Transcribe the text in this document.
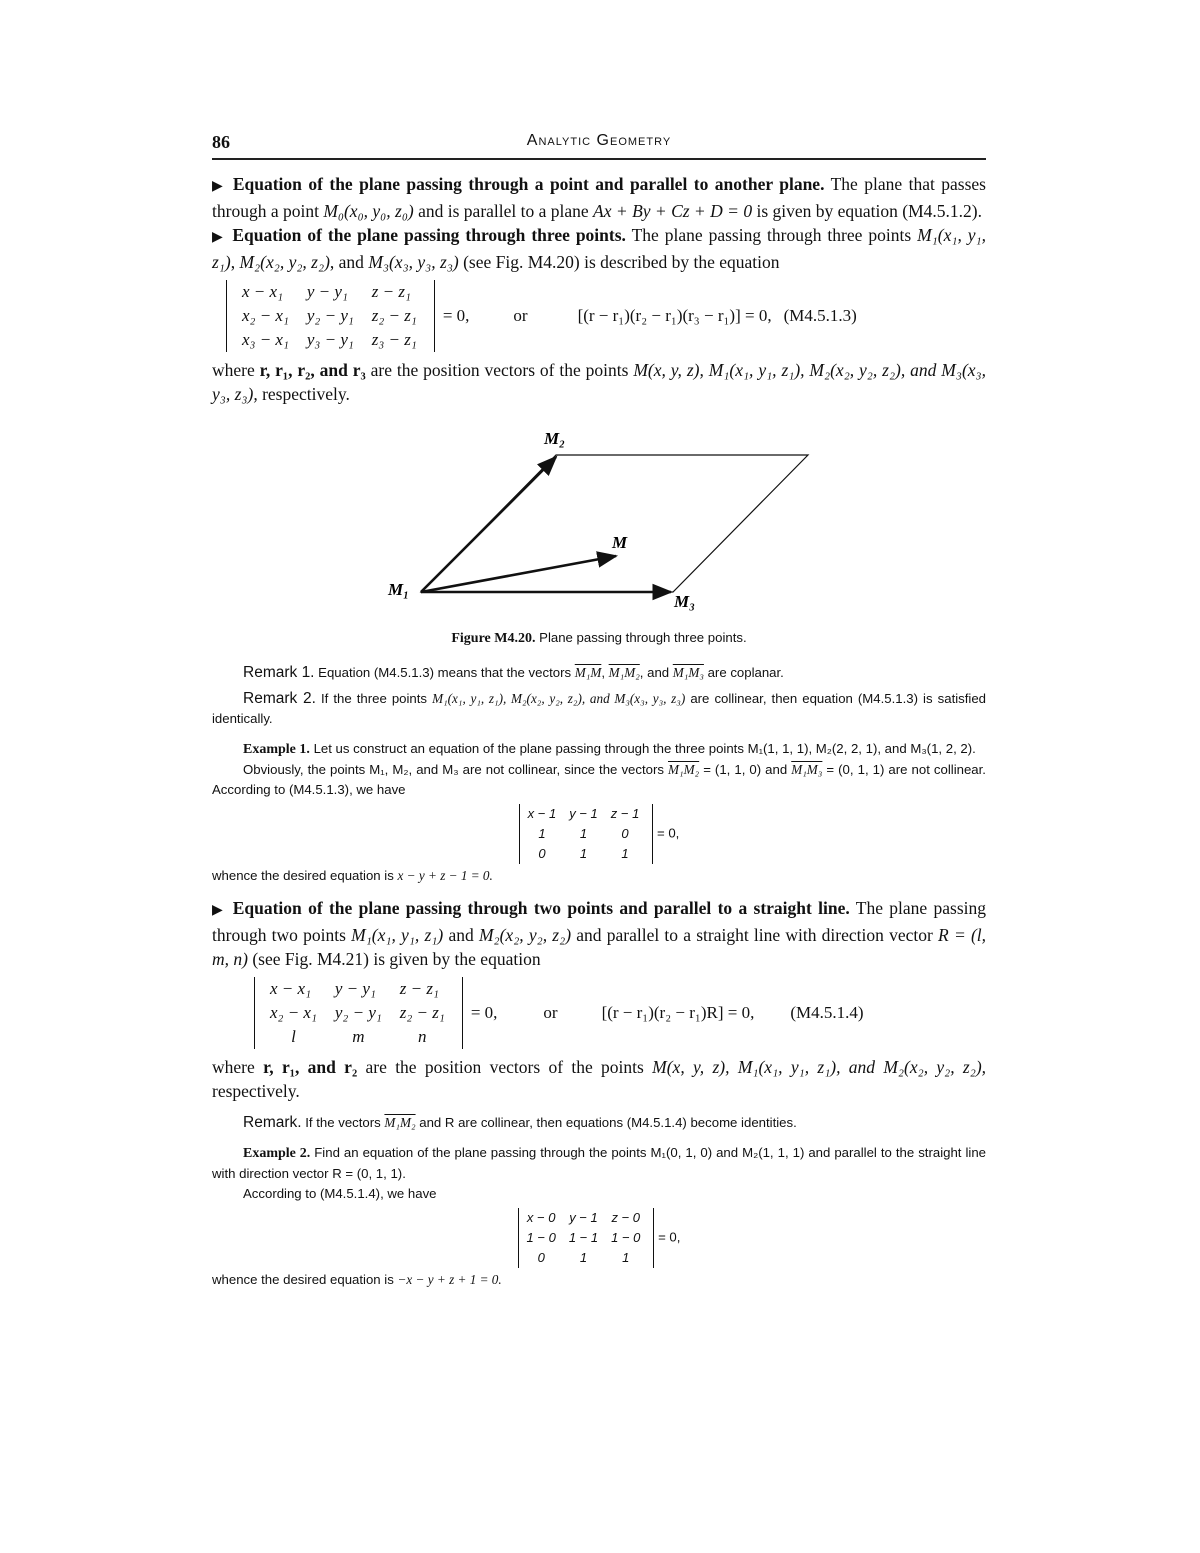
86	Analytic Geometry

▶ Equation of the plane passing through a point and parallel to another plane. The plane that passes through a point M₀(x₀, y₀, z₀) and is parallel to a plane Ax + By + Cz + D = 0 is given by equation (M4.5.1.2).

▶ Equation of the plane passing through three points. The plane passing through three points M₁(x₁, y₁, z₁), M₂(x₂, y₂, z₂), and M₃(x₃, y₃, z₃) (see Fig. M4.20) is described by the equation

x − x₁	y − y₁	z − z₁
x₂ − x₁	y₂ − y₁	z₂ − z₁
x₃ − x₁	y₃ − y₁	z₃ − z₁
= 0,	or	[(r − r₁)(r₂ − r₁)(r₃ − r₁)] = 0, (M4.5.1.3)

where r, r₁, r₂, and r₃ are the position vectors of the points M(x, y, z), M₁(x₁, y₁, z₁), M₂(x₂, y₂, z₂), and M₃(x₃, y₃, z₃), respectively.

M₁
M₂
M₃
M

Figure M4.20. Plane passing through three points.

Remark 1. Equation (M4.5.1.3) means that the vectors M₁M, M₁M₂, and M₁M₃ are coplanar.

Remark 2. If the three points M₁(x₁, y₁, z₁), M₂(x₂, y₂, z₂), and M₃(x₃, y₃, z₃) are collinear, then equation (M4.5.1.3) is satisfied identically.

Example 1. Let us construct an equation of the plane passing through the three points M₁(1, 1, 1), M₂(2, 2, 1), and M₃(1, 2, 2).

Obviously, the points M₁, M₂, and M₃ are not collinear, since the vectors M₁M₂ = (1, 1, 0) and M₁M₃ = (0, 1, 1) are not collinear. According to (M4.5.1.3), we have

x − 1	y − 1	z − 1
1	1	0
0	1	1
= 0,

whence the desired equation is x − y + z − 1 = 0.

▶ Equation of the plane passing through two points and parallel to a straight line. The plane passing through two points M₁(x₁, y₁, z₁) and M₂(x₂, y₂, z₂) and parallel to a straight line with direction vector R = (l, m, n) (see Fig. M4.21) is given by the equation

x − x₁	y − y₁	z − z₁
x₂ − x₁	y₂ − y₁	z₂ − z₁
l	m	n
= 0,	or	[(r − r₁)(r₂ − r₁)R] = 0, (M4.5.1.4)

where r, r₁, and r₂ are the position vectors of the points M(x, y, z), M₁(x₁, y₁, z₁), and M₂(x₂, y₂, z₂), respectively.

Remark. If the vectors M₁M₂ and R are collinear, then equations (M4.5.1.4) become identities.

Example 2. Find an equation of the plane passing through the points M₁(0, 1, 0) and M₂(1, 1, 1) and parallel to the straight line with direction vector R = (0, 1, 1).

According to (M4.5.1.4), we have

x − 0	y − 1	z − 0
1 − 0	1 − 1	1 − 0
0	1	1
= 0,

whence the desired equation is −x − y + z + 1 = 0.
